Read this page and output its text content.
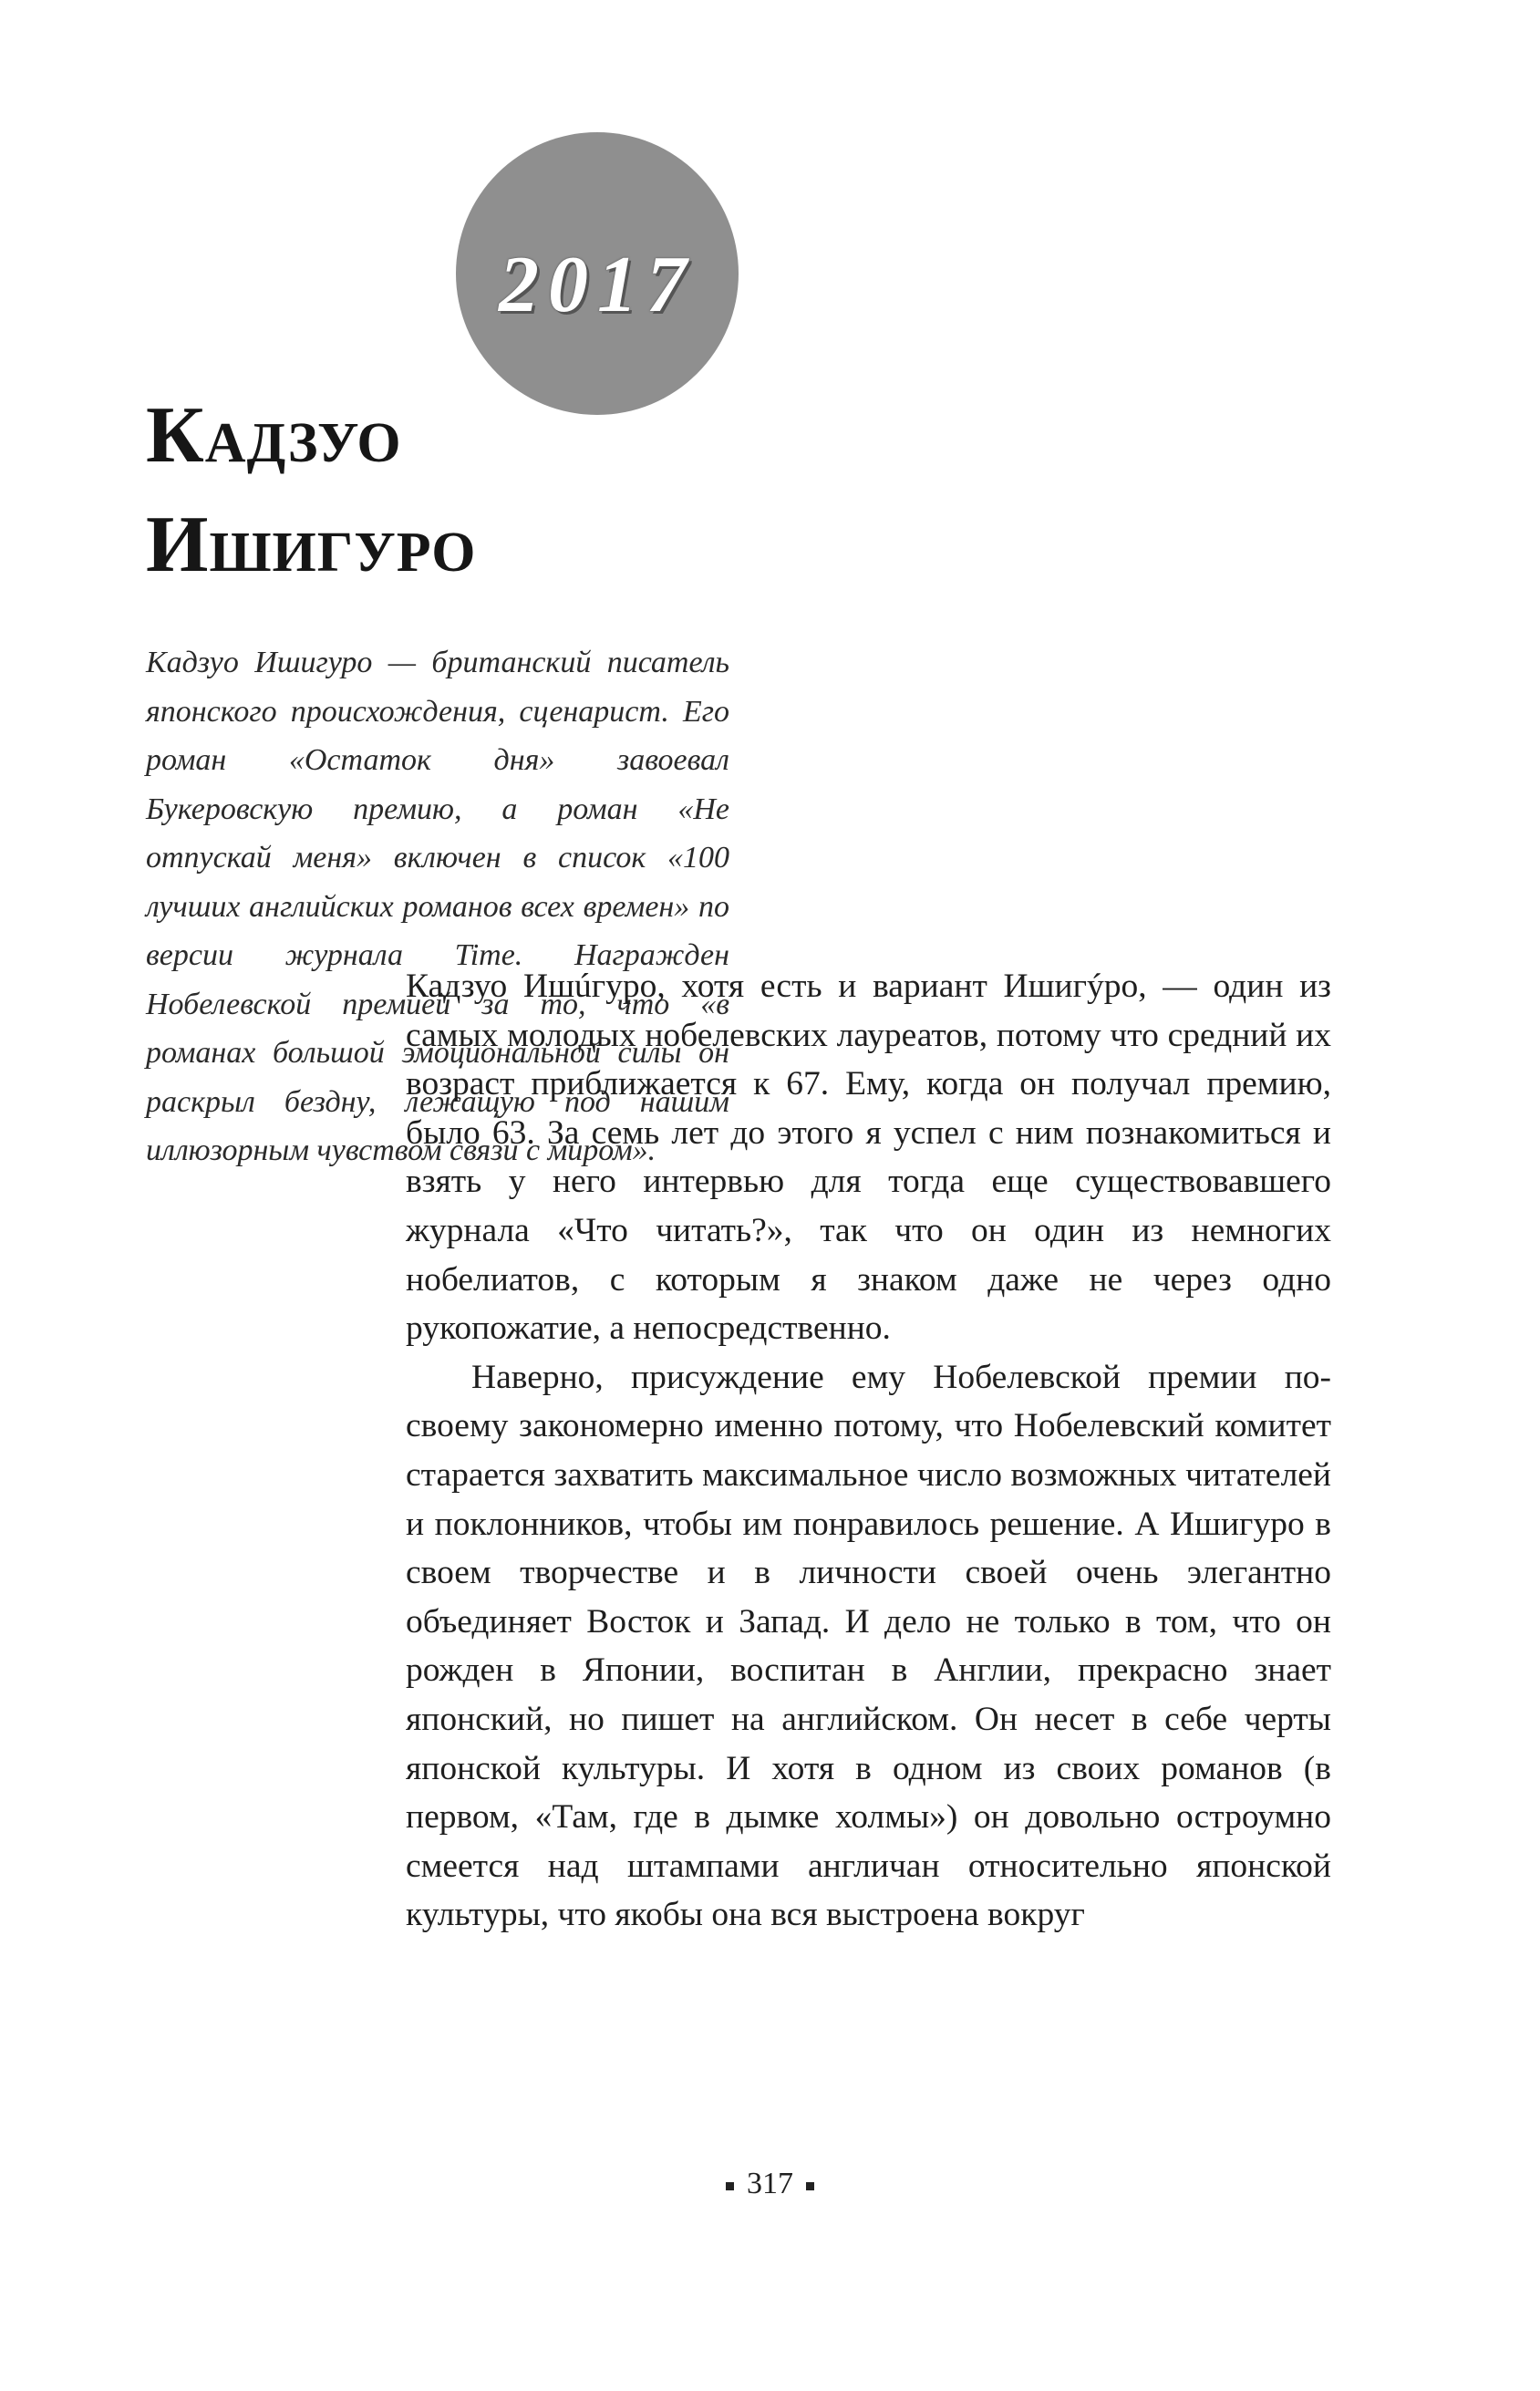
2017
Кадзуо
Ишигуро

Кадзуо Ишигуро — британский писатель японского происхождения, сценарист. Его роман «Остаток дня» завоевал Букеровскую премию, а роман «Не отпускай меня» включен в список «100 лучших английских романов всех времен» по версии журнала Time. Награжден Нобелевской премией за то, что «в романах большой эмоциональной силы он раскрыл бездну, лежащую под нашим иллюзорным чувством связи с миром».

Кадзуо Ишúгуро, хотя есть и вариант Ишигýро, — один из самых молодых нобелевских лауреатов, потому что средний их возраст приближается к 67. Ему, когда он получал премию, было 63. За семь лет до этого я успел с ним познакомиться и взять у него интервью для тогда еще существовавшего журнала «Что читать?», так что он один из немногих нобелиатов, с которым я знаком даже не через одно рукопожатие, а непосредственно.

Наверно, присуждение ему Нобелевской премии по-своему закономерно именно потому, что Нобелевский комитет старается захватить максимальное число возможных читателей и поклонников, чтобы им понравилось решение. А Ишигуро в своем творчестве и в личности своей очень элегантно объединяет Восток и Запад. И дело не только в том, что он рожден в Японии, воспитан в Англии, прекрасно знает японский, но пишет на английском. Он несет в себе черты японской культуры. И хотя в одном из своих романов (в первом, «Там, где в дымке холмы») он довольно остроумно смеется над штампами англичан относительно японской культуры, что якобы она вся выстроена вокруг

317
